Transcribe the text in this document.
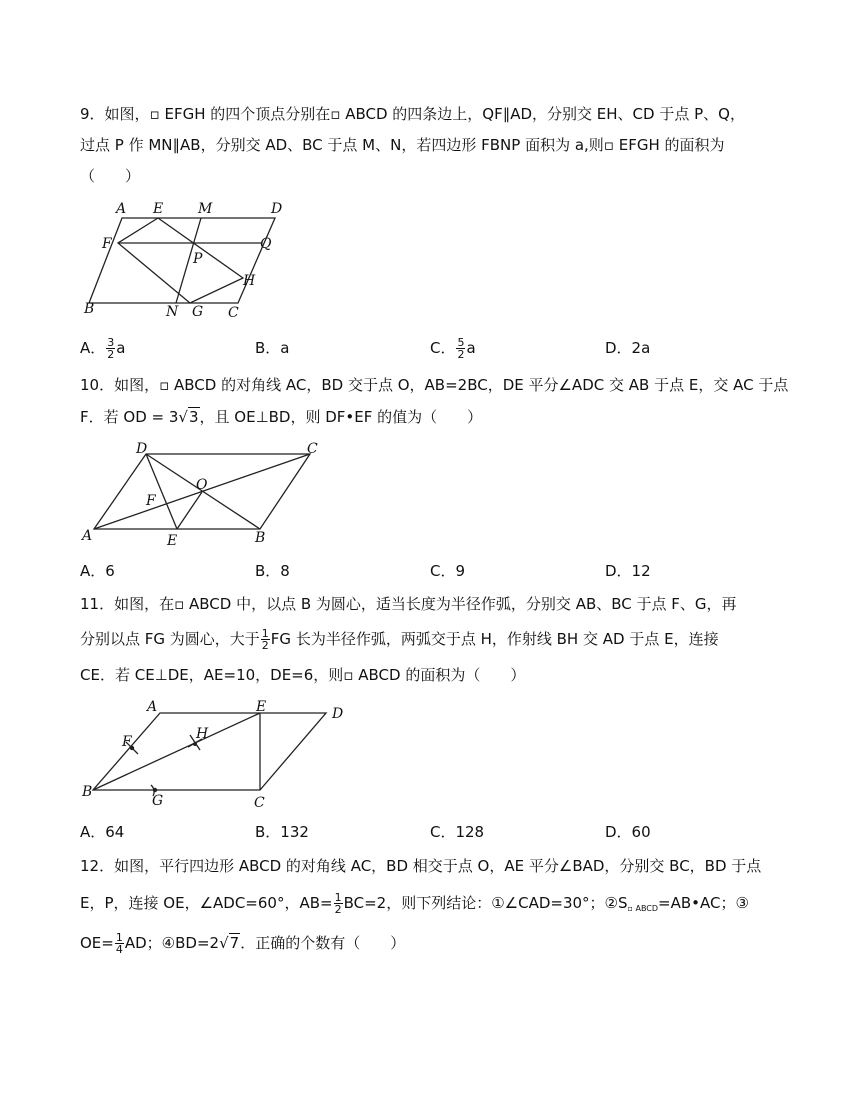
9．如图，▫ EFGH 的四个顶点分别在▫ ABCD 的四条边上，QF∥AD，分别交 EH、CD 于点 P、Q，
过点 P 作 MN∥AB，分别交 AD、BC 于点 M、N，若四边形 FBNP 面积为 a,则▫ EFGH 的面积为
（　　）
A E M	D
F	Q
P
H
B	N G C
A． $\frac{3}{2}$ a	B．a	C． $\frac{5}{2}$ a	D．2a
10．如图，▫ ABCD 的对角线 AC，BD 交于点 O，AB=2BC，DE 平分∠ADC 交 AB 于点 E，交 AC 于点
F．若 OD = 3√3，且 OE⊥BD，则 DF•EF 的值为（　　）
D	C
O
F
A	E	B
A．6	B．8	C．9	D．12
11．如图，在▫ ABCD 中，以点 B 为圆心，适当长度为半径作弧，分别交 AB、BC 于点 F、G，再
分别以点 FG 为圆心，大于 $\frac{1}{2}$ FG 长为半径作弧，两弧交于点 H，作射线 BH 交 AD 于点 E，连接
CE．若 CE⊥DE，AE=10，DE=6，则▫ ABCD 的面积为（　　）
A	E	D
F	H
B
G	C
A．64	B．132	C．128	D．60
12．如图，平行四边形 ABCD 的对角线 AC，BD 相交于点 O，AE 平分∠BAD，分别交 BC，BD 于点
E，P，连接 OE，∠ADC=60°，$AB= \frac{1}{2} BC=2$，则下列结论：①∠CAD=30°；$②S_{▫ ABCD}=AB•AC$；③
$OE= \frac{1}{4}$ AD；④BD=2√7．正确的个数有（　　）
